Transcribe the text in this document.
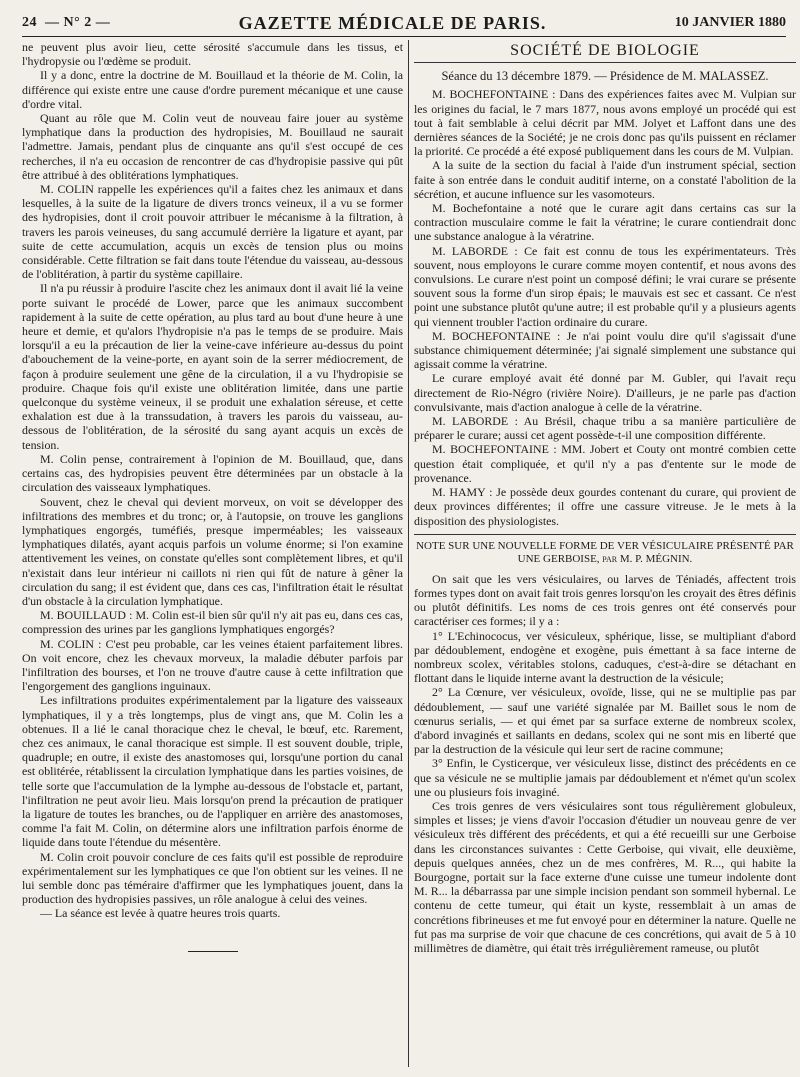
24 — N° 2 —	GAZETTE MÉDICALE DE PARIS.	10 JANVIER 1880

ne peuvent plus avoir lieu, cette sérosité s'accumule dans les tissus, et l'hydropysie ou l'œdème se produit.

Il y a donc, entre la doctrine de M. Bouillaud et la théorie de M. Colin, la différence qui existe entre une cause d'ordre purement mécanique et une cause d'ordre vital.

Quant au rôle que M. Colin veut de nouveau faire jouer au système lymphatique dans la production des hydropisies, M. Bouillaud ne saurait l'admettre. Jamais, pendant plus de cinquante ans qu'il s'est occupé de ces recherches, il n'a eu occasion de rencontrer de cas d'hydropisie passive qui pût être attribué à des oblitérations lymphatiques.

M. COLIN rappelle les expériences qu'il a faites chez les animaux et dans lesquelles, à la suite de la ligature de divers troncs veineux, il a vu se former des hydropisies, dont il croit pouvoir attribuer le mécanisme à la filtration, à travers les parois veineuses, du sang accumulé derrière la ligature et ayant, par suite de cette accumulation, acquis un excès de tension plus ou moins considérable. Cette filtration se fait dans toute l'étendue du vaisseau, au-dessous de l'oblitération, à partir du système capillaire.

Il n'a pu réussir à produire l'ascite chez les animaux dont il avait lié la veine porte suivant le procédé de Lower, parce que les animaux succombent rapidement à la suite de cette opération, au plus tard au bout d'une heure à une heure et demie, et qu'alors l'hydropisie n'a pas le temps de se produire. Mais lorsqu'il a eu la précaution de lier la veine-cave inférieure au-dessus du point d'abouchement de la veine-porte, en ayant soin de la serrer médiocrement, de façon à produire seulement une gêne de la circulation, il a vu l'hydropisie se produire. Chaque fois qu'il existe une oblitération limitée, dans une partie quelconque du système veineux, il se produit une exhalation séreuse, et cette exhalation est due à la transsudation, à travers les parois du vaisseau, au-dessous de l'oblitération, de la sérosité du sang ayant acquis un excès de tension.

M. Colin pense, contrairement à l'opinion de M. Bouillaud, que, dans certains cas, des hydropisies peuvent être déterminées par un obstacle à la circulation des vaisseaux lymphatiques.

Souvent, chez le cheval qui devient morveux, on voit se développer des infiltrations des membres et du tronc; or, à l'autopsie, on trouve les ganglions lymphatiques engorgés, tuméfiés, presque imperméables; les vaisseaux lymphatiques dilatés, ayant acquis parfois un volume énorme; si l'on examine attentivement les veines, on constate qu'elles sont complètement libres, et qu'il n'existait dans leur intérieur ni caillots ni rien qui fût de nature à gêner la circulation du sang; il est évident que, dans ces cas, l'infiltration était le résultat d'un obstacle à la circulation lymphatique.

M. BOUILLAUD : M. Colin est-il bien sûr qu'il n'y ait pas eu, dans ces cas, compression des urines par les ganglions lymphatiques engorgés?

M. COLIN : C'est peu probable, car les veines étaient parfaitement libres. On voit encore, chez les chevaux morveux, la maladie débuter parfois par l'infiltration des bourses, et l'on ne trouve d'autre cause à cette infiltration que l'engorgement des ganglions inguinaux.

Les infiltrations produites expérimentalement par la ligature des vaisseaux lymphatiques, il y a très longtemps, plus de vingt ans, que M. Colin les a obtenues. Il a lié le canal thoracique chez le cheval, le bœuf, etc. Rarement, chez ces animaux, le canal thoracique est simple. Il est souvent double, triple, quadruple; en outre, il existe des anastomoses qui, lorsqu'une portion du canal est oblitérée, rétablissent la circulation lymphatique dans les parties voisines, de telle sorte que l'accumulation de la lymphe au-dessous de l'obstacle et, partant, l'infiltration ne peut avoir lieu. Mais lorsqu'on prend la précaution de pratiquer la ligature de toutes les branches, ou de l'appliquer en arrière des anastomoses, comme l'a fait M. Colin, on détermine alors une infiltration parfois énorme de liquide dans toute l'étendue du mésentère.

M. Colin croit pouvoir conclure de ces faits qu'il est possible de reproduire expérimentalement sur les lymphatiques ce que l'on obtient sur les veines. Il ne lui semble donc pas téméraire d'affirmer que les lymphatiques jouent, dans la production des hydropisies passives, un rôle analogue à celui des veines.

— La séance est levée à quatre heures trois quarts.

SOCIÉTÉ DE BIOLOGIE
Séance du 13 décembre 1879. — Présidence de M. MALASSEZ.

M. BOCHEFONTAINE : Dans des expériences faites avec M. Vulpian sur les origines du facial, le 7 mars 1877, nous avons employé un procédé qui est tout à fait semblable à celui décrit par MM. Jolyet et Laffont dans une des dernières séances de la Société; je ne crois donc pas qu'ils puissent en réclamer la priorité. Ce procédé a été exposé publiquement dans les cours de M. Vulpian.

A la suite de la section du facial à l'aide d'un instrument spécial, section faite à son entrée dans le conduit auditif interne, on a constaté l'abolition de la sécrétion, et aucune influence sur les vasomoteurs.

M. Bochefontaine a noté que le curare agit dans certains cas sur la contraction musculaire comme le fait la vératrine; le curare contiendrait donc une substance analogue à la vératrine.

M. LABORDE : Ce fait est connu de tous les expérimentateurs. Très souvent, nous employons le curare comme moyen contentif, et nous avons des convulsions. Le curare n'est point un composé défini; le vrai curare se présente souvent sous la forme d'un sirop épais; le mauvais est sec et cassant. Ce n'est point une substance plutôt qu'une autre; il est probable qu'il y a plusieurs agents qui viennent troubler l'action ordinaire du curare.

M. BOCHEFONTAINE : Je n'ai point voulu dire qu'il s'agissait d'une substance chimiquement déterminée; j'ai signalé simplement une substance qui agissait comme la vératrine.

Le curare employé avait été donné par M. Gubler, qui l'avait reçu directement de Rio-Négro (rivière Noire). D'ailleurs, je ne parle pas d'action convulsivante, mais d'action analogue à celle de la vératrine.

M. LABORDE : Au Brésil, chaque tribu a sa manière particulière de préparer le curare; aussi cet agent possède-t-il une composition différente.

M. BOCHEFONTAINE : MM. Jobert et Couty ont montré combien cette question était compliquée, et qu'il n'y a pas d'entente sur le mode de provenance.

M. HAMY : Je possède deux gourdes contenant du curare, qui provient de deux provinces différentes; il offre une cassure vitreuse. Je le mets à la disposition des physiologistes.

NOTE SUR UNE NOUVELLE FORME DE VER VÉSICULAIRE PRÉSENTÉ PAR UNE GERBOISE, par M. P. MÉGNIN.

On sait que les vers vésiculaires, ou larves de Téniadés, affectent trois formes types dont on avait fait trois genres lorsqu'on les croyait des êtres définis ou plutôt définitifs. Les noms de ces trois genres ont été conservés pour caractériser ces formes; il y a :

1° L'Echinococus, ver vésiculeux, sphérique, lisse, se multipliant d'abord par dédoublement, endogène et exogène, puis émettant à sa face interne de nombreux scolex, véritables stolons, caduques, c'est-à-dire se détachant en flottant dans le liquide interne avant la destruction de la vésicule;

2° La Cœnure, ver vésiculeux, ovoïde, lisse, qui ne se multiplie pas par dédoublement, — sauf une variété signalée par M. Baillet sous le nom de cœnurus serialis, — et qui émet par sa surface externe de nombreux scolex, d'abord invaginés et saillants en dedans, scolex qui ne sont mis en liberté que par la destruction de la vésicule qui leur sert de racine commune;

3° Enfin, le Cysticerque, ver vésiculeux lisse, distinct des précédents en ce que sa vésicule ne se multiplie jamais par dédoublement et n'émet qu'un scolex une ou plusieurs fois invaginé.

Ces trois genres de vers vésiculaires sont tous régulièrement globuleux, simples et lisses; je viens d'avoir l'occasion d'étudier un nouveau genre de ver vésiculeux très différent des précédents, et qui a été recueilli sur une Gerboise dans les circonstances suivantes : Cette Gerboise, qui vivait, elle deuxième, depuis quelques années, chez un de mes confrères, M. R..., qui habite la Bourgogne, portait sur la face externe d'une cuisse une tumeur indolente dont M. R... la débarrassa par une simple incision pendant son sommeil hybernal. Le contenu de cette tumeur, qui était un kyste, ressemblait à un amas de concrétions fibrineuses et me fut envoyé pour en déterminer la nature. Quelle ne fut pas ma surprise de voir que chacune de ces concrétions, qui avait de 5 à 10 millimètres de diamètre, qui était très irrégulièrement rameuse, ou plutôt
